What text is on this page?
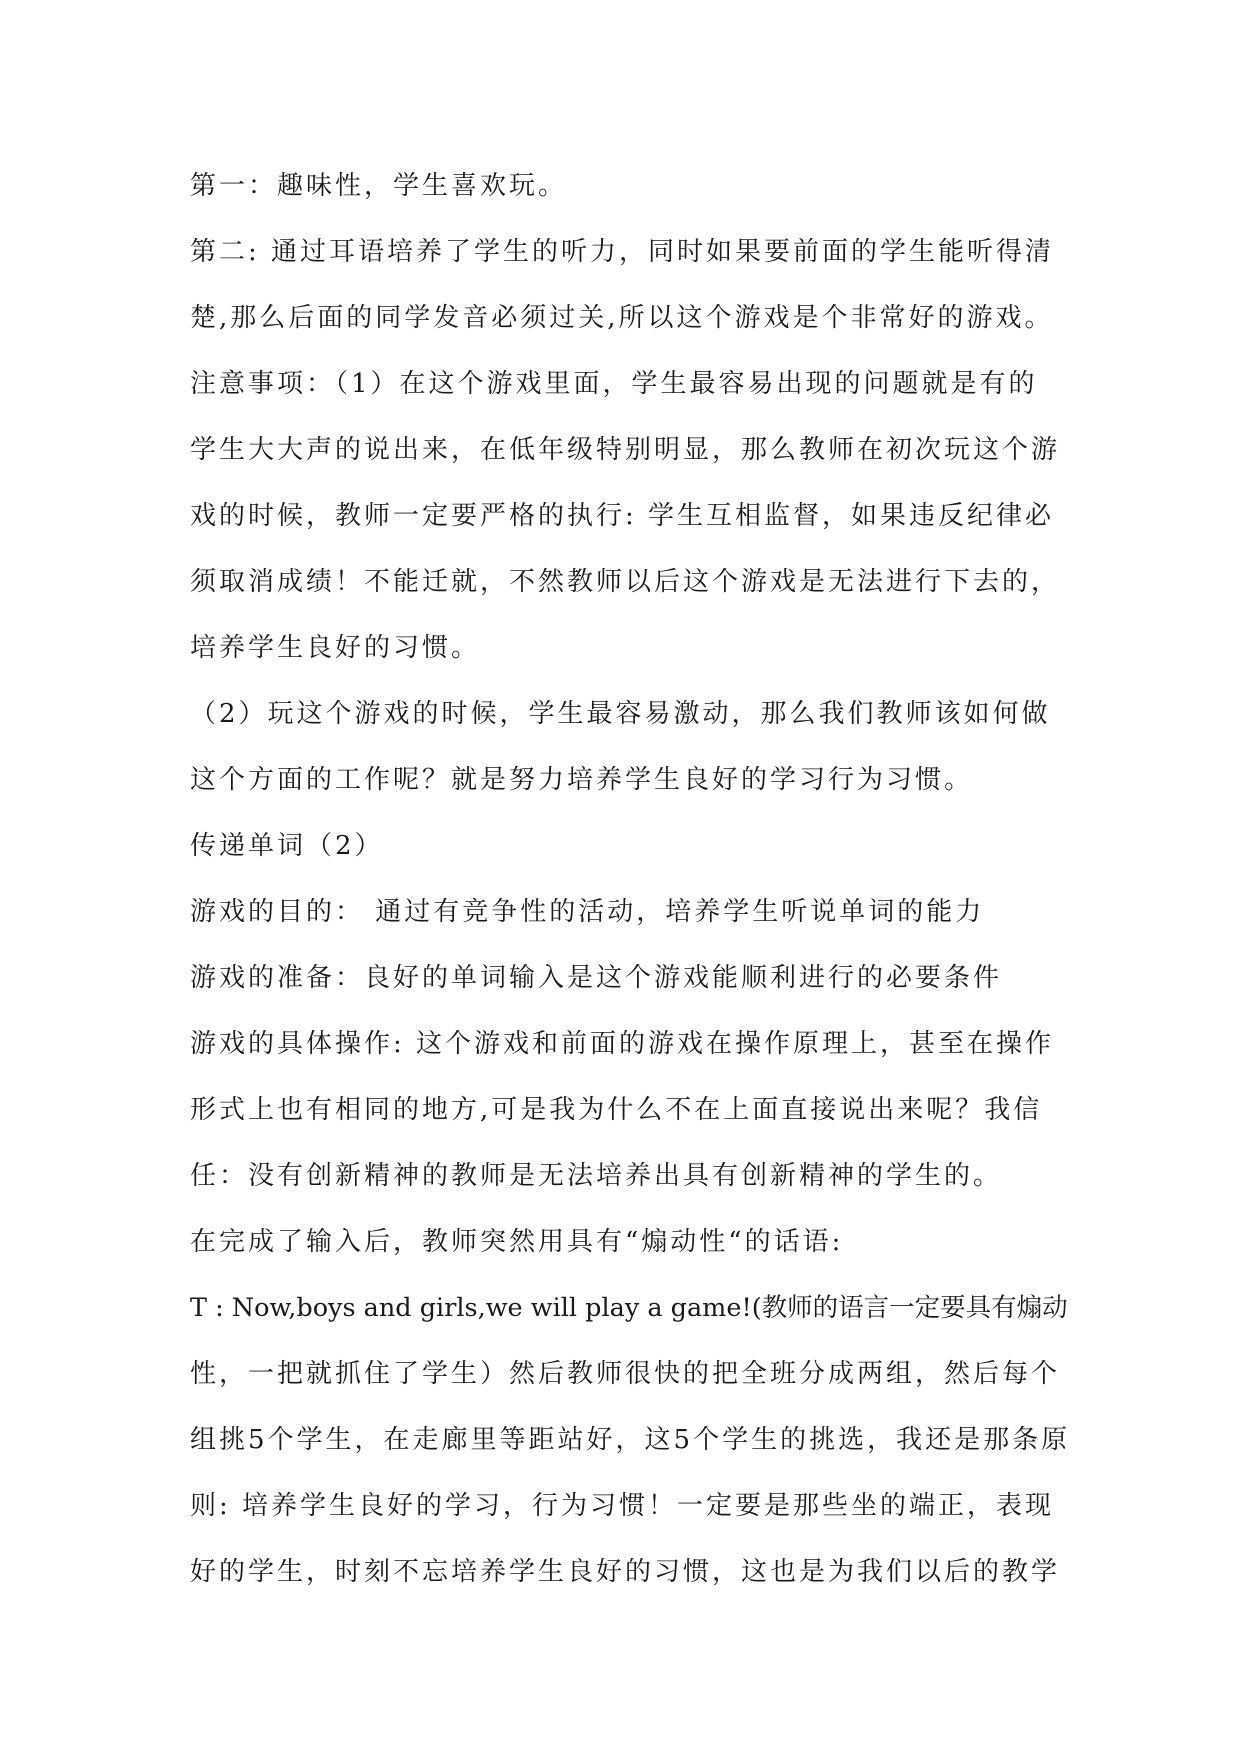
第一：趣味性，学生喜欢玩。
第二: 通过耳语培养了学生的听力，同时如果要前面的学生能听得清
楚,那么后面的同学发音必须过关,所以这个游戏是个非常好的游戏。
注意事项：（1）在这个游戏里面，学生最容易出现的问题就是有的
学生大大声的说出来，在低年级特别明显，那么教师在初次玩这个游
戏的时候，教师一定要严格的执行: 学生互相监督，如果违反纪律必
须取消成绩！不能迁就，不然教师以后这个游戏是无法进行下去的，
培养学生良好的习惯。
（2）玩这个游戏的时候，学生最容易激动，那么我们教师该如何做
这个方面的工作呢？就是努力培养学生良好的学习行为习惯。
传递单词（2）
游戏的目的： 通过有竞争性的活动，培养学生听说单词的能力
游戏的准备：良好的单词输入是这个游戏能顺利进行的必要条件
游戏的具体操作: 这个游戏和前面的游戏在操作原理上，甚至在操作
形式上也有相同的地方,可是我为什么不在上面直接说出来呢？我信
任：没有创新精神的教师是无法培养出具有创新精神的学生的。
在完成了输入后，教师突然用具有“煽动性“的话语:
T : Now,boys and girls,we will play a game!(教师的语言一定要具有煽动
性，一把就抓住了学生）然后教师很快的把全班分成两组，然后每个
组挑5个学生，在走廊里等距站好，这5个学生的挑选，我还是那条原
则: 培养学生良好的学习，行为习惯！一定要是那些坐的端正，表现
好的学生，时刻不忘培养学生良好的习惯，这也是为我们以后的教学
